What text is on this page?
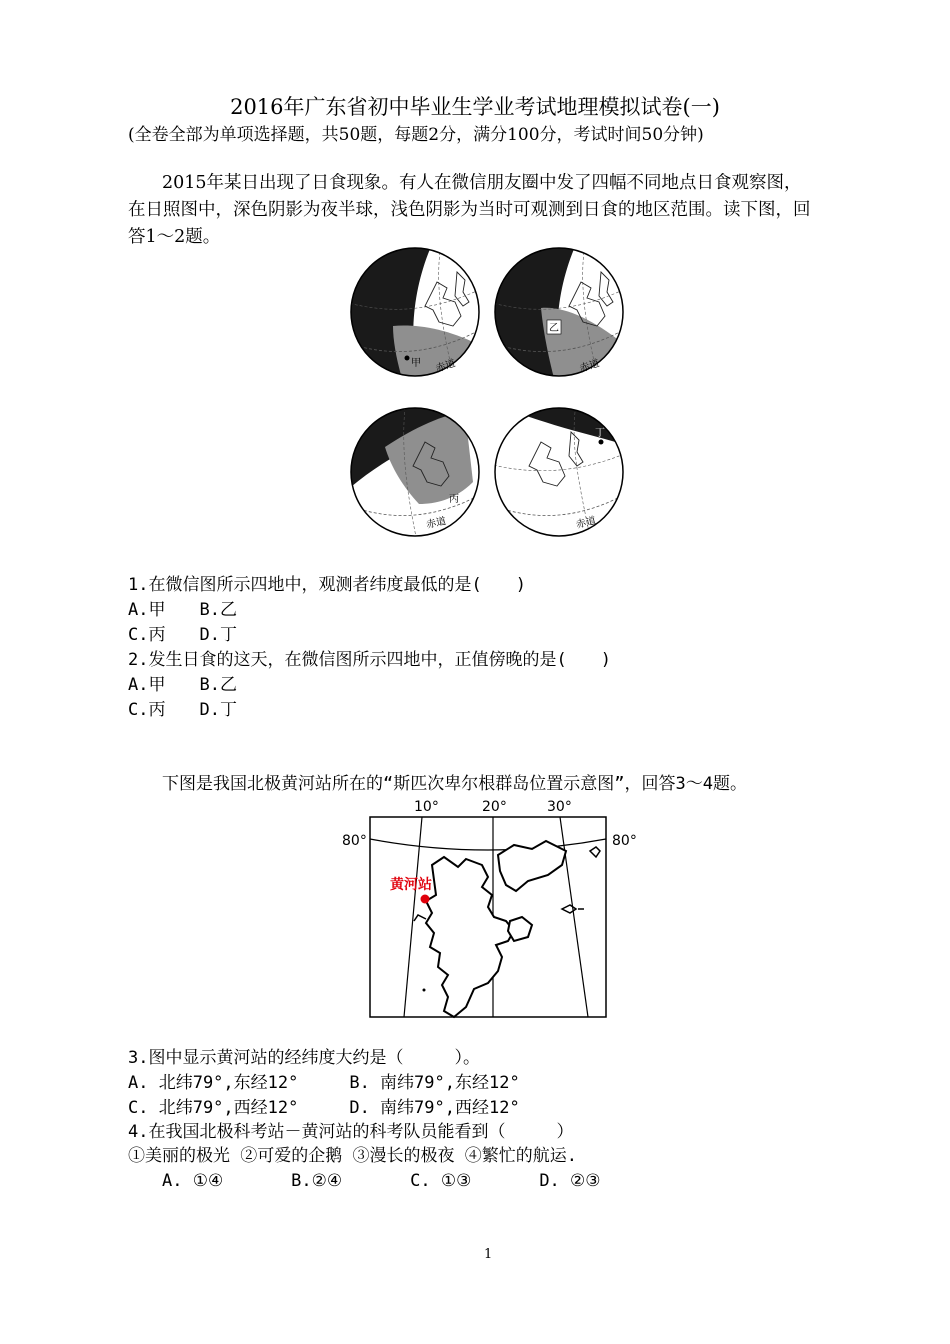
2016年广东省初中毕业生学业考试地理模拟试卷(一)
(全卷全部为单项选择题，共50题，每题2分，满分100分，考试时间50分钟)

2015年某日出现了日食现象。有人在微信朋友圈中发了四幅不同地点日食观察图，

在日照图中，深色阴影为夜半球，浅色阴影为当时可观测到日食的地区范围。读下图，回

答1～2题。

甲 赤道
乙
赤道
丙
赤道
丁
赤道
1.在微信图所示四地中，观测者纬度最低的是(　　)
A.甲　　B.乙
C.丙　　D.丁
2.发生日食的这天，在微信图所示四地中，正值傍晚的是(　　)
A.甲　　B.乙
C.丙　　D.丁
下图是我国北极黄河站所在的“斯匹次卑尔根群岛位置示意图”，回答3～4题。
10°	20°	30°
80°	80°
黄河站
3.图中显示黄河站的经纬度大约是（　　　）。
A. 北纬79°,东经12°　　　B. 南纬79°,东经12°
C. 北纬79°,西经12°　　　D. 南纬79°,西经12°
4.在我国北极科考站－黄河站的科考队员能看到（　　　）
①美丽的极光 ②可爱的企鹅 ③漫长的极夜 ④繁忙的航运.
A. ①④　　　　B.②④　　　　C. ①③　　　　D. ②③
1
